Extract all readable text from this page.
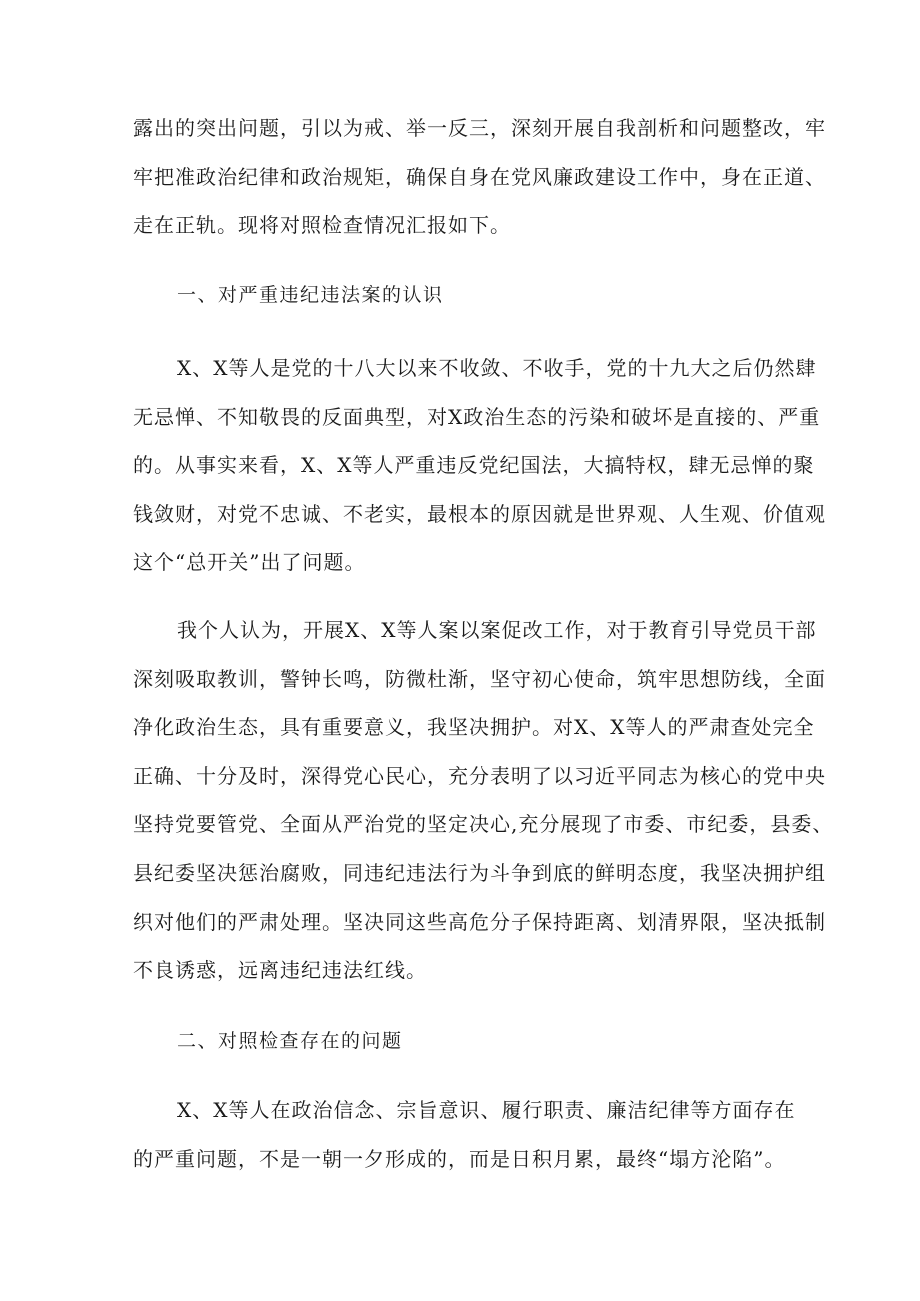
露出的突出问题，引以为戒、举一反三，深刻开展自我剖析和问题整改，牢
牢把准政治纪律和政治规矩，确保自身在党风廉政建设工作中，身在正道、
走在正轨。现将对照检查情况汇报如下。
一、对严重违纪违法案的认识
X、X等人是党的十八大以来不收敛、不收手，党的十九大之后仍然肆
无忌惮、不知敬畏的反面典型，对X政治生态的污染和破坏是直接的、严重
的。从事实来看，X、X等人严重违反党纪国法，大搞特权，肆无忌惮的聚
钱敛财，对党不忠诚、不老实，最根本的原因就是世界观、人生观、价值观
这个“总开关”出了问题。
我个人认为，开展X、X等人案以案促改工作，对于教育引导党员干部
深刻吸取教训，警钟长鸣，防微杜渐，坚守初心使命，筑牢思想防线，全面
净化政治生态，具有重要意义，我坚决拥护。对X、X等人的严肃查处完全
正确、十分及时，深得党心民心，充分表明了以习近平同志为核心的党中央
坚持党要管党、全面从严治党的坚定决心,充分展现了市委、市纪委，县委、
县纪委坚决惩治腐败，同违纪违法行为斗争到底的鲜明态度，我坚决拥护组
织对他们的严肃处理。坚决同这些高危分子保持距离、划清界限，坚决抵制
不良诱惑，远离违纪违法红线。
二、对照检查存在的问题
X、X等人在政治信念、宗旨意识、履行职责、廉洁纪律等方面存在
的严重问题，不是一朝一夕形成的，而是日积月累，最终“塌方沦陷”。
